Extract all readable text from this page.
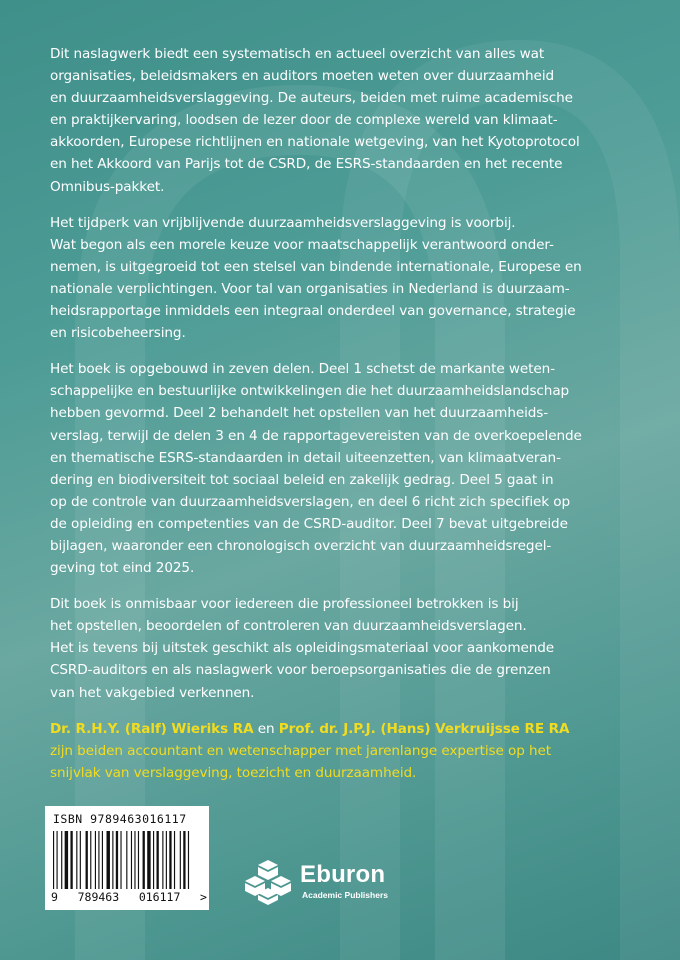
Dit naslagwerk biedt een systematisch en actueel overzicht van alles wat
organisaties, beleidsmakers en auditors moeten weten over duurzaamheid
en duurzaamheidsverslaggeving. De auteurs, beiden met ruime academische
en praktijkervaring, loodsen de lezer door de complexe wereld van klimaat-
akkoorden, Europese richtlijnen en nationale wetgeving, van het Kyotoprotocol
en het Akkoord van Parijs tot de CSRD, de ESRS-standaarden en het recente
Omnibus-pakket.

Het tijdperk van vrijblijvende duurzaamheidsverslaggeving is voorbij.
Wat begon als een morele keuze voor maatschappelijk verantwoord onder-
nemen, is uitgegroeid tot een stelsel van bindende internationale, Europese en
nationale verplichtingen. Voor tal van organisaties in Nederland is duurzaam-
heidsrapportage inmiddels een integraal onderdeel van governance, strategie
en risicobeheersing.

Het boek is opgebouwd in zeven delen. Deel 1 schetst de markante weten-
schappelijke en bestuurlijke ontwikkelingen die het duurzaamheidslandschap
hebben gevormd. Deel 2 behandelt het opstellen van het duurzaamheids-
verslag, terwijl de delen 3 en 4 de rapportagevereisten van de overkoepelende
en thematische ESRS-standaarden in detail uiteenzetten, van klimaatveran-
dering en biodiversiteit tot sociaal beleid en zakelijk gedrag. Deel 5 gaat in
op de controle van duurzaamheidsverslagen, en deel 6 richt zich specifiek op
de opleiding en competenties van de CSRD-auditor. Deel 7 bevat uitgebreide
bijlagen, waaronder een chronologisch overzicht van duurzaamheidsregel-
geving tot eind 2025.

Dit boek is onmisbaar voor iedereen die professioneel betrokken is bij
het opstellen, beoordelen of controleren van duurzaamheidsverslagen.
Het is tevens bij uitstek geschikt als opleidingsmateriaal voor aankomende
CSRD-auditors en als naslagwerk voor beroepsorganisaties die de grenzen
van het vakgebied verkennen.

Dr. R.H.Y. (Ralf) Wieriks RA en Prof. dr. J.P.J. (Hans) Verkruijsse RE RA
zijn beiden accountant en wetenschapper met jarenlange expertise op het
snijvlak van verslaggeving, toezicht en duurzaamheid.
ISBN 9789463016117
9 789463 016117 >
Eburon
Academic Publishers
